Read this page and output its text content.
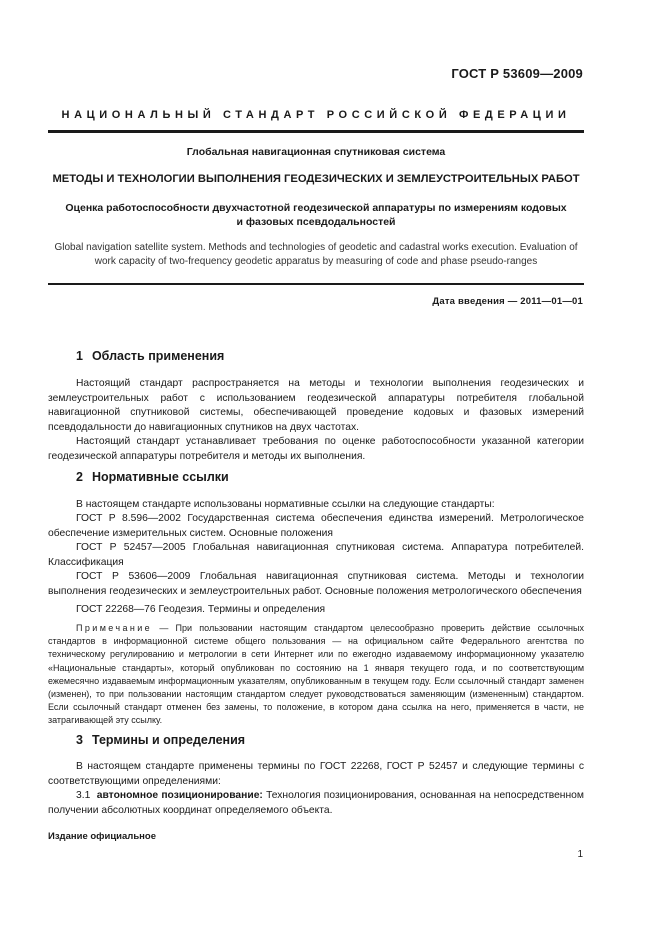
ГОСТ Р 53609—2009
НАЦИОНАЛЬНЫЙ СТАНДАРТ РОССИЙСКОЙ ФЕДЕРАЦИИ
Глобальная навигационная спутниковая система
МЕТОДЫ И ТЕХНОЛОГИИ ВЫПОЛНЕНИЯ ГЕОДЕЗИЧЕСКИХ И ЗЕМЛЕУСТРОИТЕЛЬНЫХ РАБОТ
Оценка работоспособности двухчастотной геодезической аппаратуры по измерениям кодовых
и фазовых псевдодальностей
Global navigation satellite system. Methods and technologies of geodetic and cadastral works execution. Evaluation of
work capacity of two-frequency geodetic apparatus by measuring of code and phase pseudo-ranges
Дата введения — 2011—01—01
1 Область применения
Настоящий стандарт распространяется на методы и технологии выполнения геодезических и землеустроительных работ с использованием геодезической аппаратуры потребителя глобальной навигационной спутниковой системы, обеспечивающей проведение кодовых и фазовых измерений псевдодальности до навигационных спутников на двух частотах.
Настоящий стандарт устанавливает требования по оценке работоспособности указанной категории геодезической аппаратуры потребителя и методы их выполнения.
2 Нормативные ссылки
В настоящем стандарте использованы нормативные ссылки на следующие стандарты:
ГОСТ Р 8.596—2002 Государственная система обеспечения единства измерений. Метрологическое обеспечение измерительных систем. Основные положения
ГОСТ Р 52457—2005 Глобальная навигационная спутниковая система. Аппаратура потребителей. Классификация
ГОСТ Р 53606—2009 Глобальная навигационная спутниковая система. Методы и технологии выполнения геодезических и землеустроительных работ. Основные положения метрологического обеспечения
ГОСТ 22268—76 Геодезия. Термины и определения
Примечание — При пользовании настоящим стандартом целесообразно проверить действие ссылочных стандартов в информационной системе общего пользования — на официальном сайте Федерального агентства по техническому регулированию и метрологии в сети Интернет или по ежегодно издаваемому информационному указателю «Национальные стандарты», который опубликован по состоянию на 1 января текущего года, и по соответствующим ежемесячно издаваемым информационным указателям, опубликованным в текущем году. Если ссылочный стандарт заменен (изменен), то при пользовании настоящим стандартом следует руководствоваться заменяющим (измененным) стандартом. Если ссылочный стандарт отменен без замены, то положение, в котором дана ссылка на него, применяется в части, не затрагивающей эту ссылку.
3 Термины и определения
В настоящем стандарте применены термины по ГОСТ 22268, ГОСТ Р 52457 и следующие термины с соответствующими определениями:
3.1 автономное позиционирование: Технология позиционирования, основанная на непосредственном получении абсолютных координат определяемого объекта.
Издание официальное
1
